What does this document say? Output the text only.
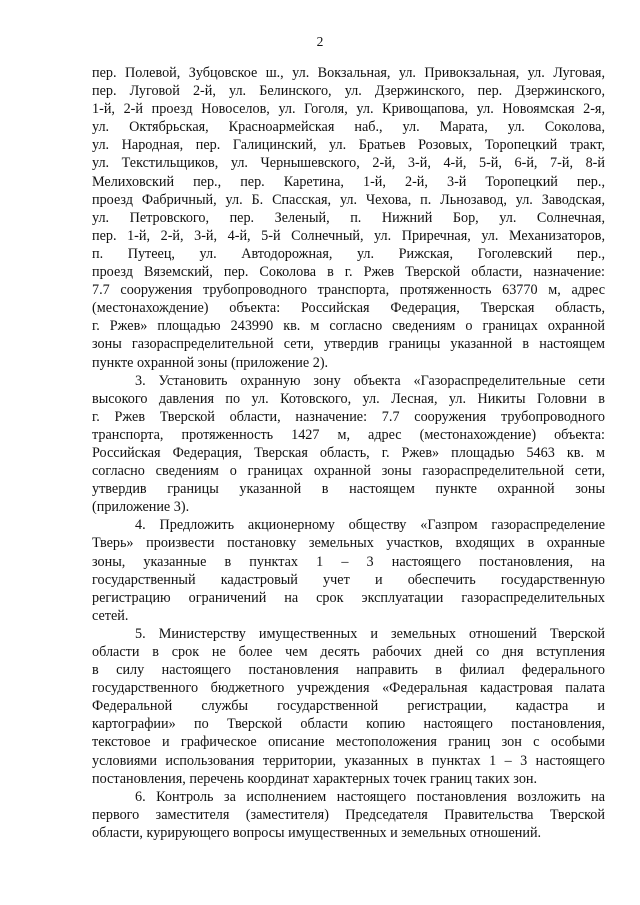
2
пер. Полевой, Зубцовское ш., ул. Вокзальная, ул. Привокзальная, ул. Луговая,
пер. Луговой 2-й, ул. Белинского, ул. Дзержинского, пер. Дзержинского,
1-й, 2-й проезд Новоселов, ул. Гоголя, ул. Кривощапова, ул. Новоямская 2-я,
ул. Октябрьская, Красноармейская наб., ул. Марата, ул. Соколова,
ул. Народная, пер. Галицинский, ул. Братьев Розовых, Торопецкий тракт,
ул. Текстильщиков, ул. Чернышевского, 2-й, 3-й, 4-й, 5-й, 6-й, 7-й, 8-й
Мелиховский пер., пер. Каретина, 1-й, 2-й, 3-й Торопецкий пер.,
проезд Фабричный, ул. Б. Спасская, ул. Чехова, п. Льнозавод, ул. Заводская,
ул. Петровского, пер. Зеленый, п. Нижний Бор, ул. Солнечная,
пер. 1-й, 2-й, 3-й, 4-й, 5-й Солнечный, ул. Приречная, ул. Механизаторов,
п. Путеец, ул. Автодорожная, ул. Рижская, Гоголевский пер.,
проезд Вяземский, пер. Соколова в г. Ржев Тверской области, назначение:
7.7 сооружения трубопроводного транспорта, протяженность 63770 м, адрес
(местонахождение) объекта: Российская Федерация, Тверская область,
г. Ржев» площадью 243990 кв. м согласно сведениям о границах охранной
зоны газораспределительной сети, утвердив границы указанной в настоящем
пункте охранной зоны (приложение 2).
3. Установить охранную зону объекта «Газораспределительные сети
высокого давления по ул. Котовского, ул. Лесная, ул. Никиты Головни в
г. Ржев Тверской области, назначение: 7.7 сооружения трубопроводного
транспорта, протяженность 1427 м, адрес (местонахождение) объекта:
Российская Федерация, Тверская область, г. Ржев» площадью 5463 кв. м
согласно сведениям о границах охранной зоны газораспределительной сети,
утвердив границы указанной в настоящем пункте охранной зоны
(приложение 3).
4. Предложить акционерному обществу «Газпром газораспределение
Тверь» произвести постановку земельных участков, входящих в охранные
зоны, указанные в пунктах 1 – 3 настоящего постановления, на
государственный кадастровый учет и обеспечить государственную
регистрацию ограничений на срок эксплуатации газораспределительных
сетей.
5. Министерству имущественных и земельных отношений Тверской
области в срок не более чем десять рабочих дней со дня вступления
в силу настоящего постановления направить в филиал федерального
государственного бюджетного учреждения «Федеральная кадастровая палата
Федеральной службы государственной регистрации, кадастра и
картографии» по Тверской области копию настоящего постановления,
текстовое и графическое описание местоположения границ зон с особыми
условиями использования территории, указанных в пунктах 1 – 3 настоящего
постановления, перечень координат характерных точек границ таких зон.
6. Контроль за исполнением настоящего постановления возложить на
первого заместителя (заместителя) Председателя Правительства Тверской
области, курирующего вопросы имущественных и земельных отношений.
